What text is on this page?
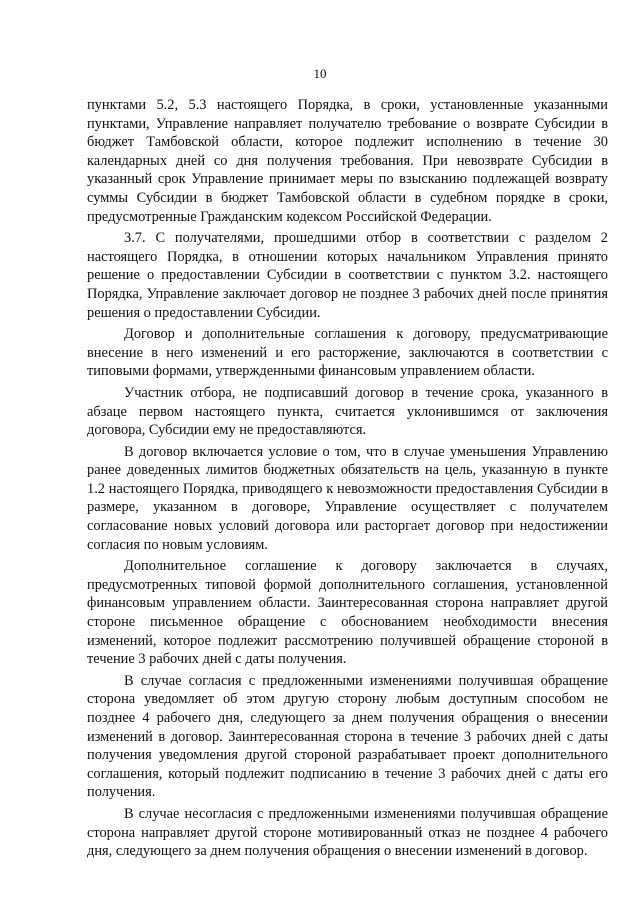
10

пунктами 5.2, 5.3 настоящего Порядка, в сроки, установленные указанными пунктами, Управление направляет получателю требование о возврате Субсидии в бюджет Тамбовской области, которое подлежит исполнению в течение 30 календарных дней со дня получения требования. При невозврате Субсидии в указанный срок Управление принимает меры по взысканию подлежащей возврату суммы Субсидии в бюджет Тамбовской области в судебном порядке в сроки, предусмотренные Гражданским кодексом Российской Федерации.

3.7. С получателями, прошедшими отбор в соответствии с разделом 2 настоящего Порядка, в отношении которых начальником Управления принято решение о предоставлении Субсидии в соответствии с пунктом 3.2. настоящего Порядка, Управление заключает договор не позднее 3 рабочих дней после принятия решения о предоставлении Субсидии.

Договор и дополнительные соглашения к договору, предусматривающие внесение в него изменений и его расторжение, заключаются в соответствии с типовыми формами, утвержденными финансовым управлением области.

Участник отбора, не подписавший договор в течение срока, указанного в абзаце первом настоящего пункта, считается уклонившимся от заключения договора, Субсидии ему не предоставляются.

В договор включается условие о том, что в случае уменьшения Управлению ранее доведенных лимитов бюджетных обязательств на цель, указанную в пункте 1.2 настоящего Порядка, приводящего к невозможности предоставления Субсидии в размере, указанном в договоре, Управление осуществляет с получателем согласование новых условий договора или расторгает договор при недостижении согласия по новым условиям.

Дополнительное соглашение к договору заключается в случаях, предусмотренных типовой формой дополнительного соглашения, установленной финансовым управлением области. Заинтересованная сторона направляет другой стороне письменное обращение с обоснованием необходимости внесения изменений, которое подлежит рассмотрению получившей обращение стороной в течение 3 рабочих дней с даты получения.

В случае согласия с предложенными изменениями получившая обращение сторона уведомляет об этом другую сторону любым доступным способом не позднее 4 рабочего дня, следующего за днем получения обращения о внесении изменений в договор. Заинтересованная сторона в течение 3 рабочих дней с даты получения уведомления другой стороной разрабатывает проект дополнительного соглашения, который подлежит подписанию в течение 3 рабочих дней с даты его получения.

В случае несогласия с предложенными изменениями получившая обращение сторона направляет другой стороне мотивированный отказ не позднее 4 рабочего дня, следующего за днем получения обращения о внесении изменений в договор.
